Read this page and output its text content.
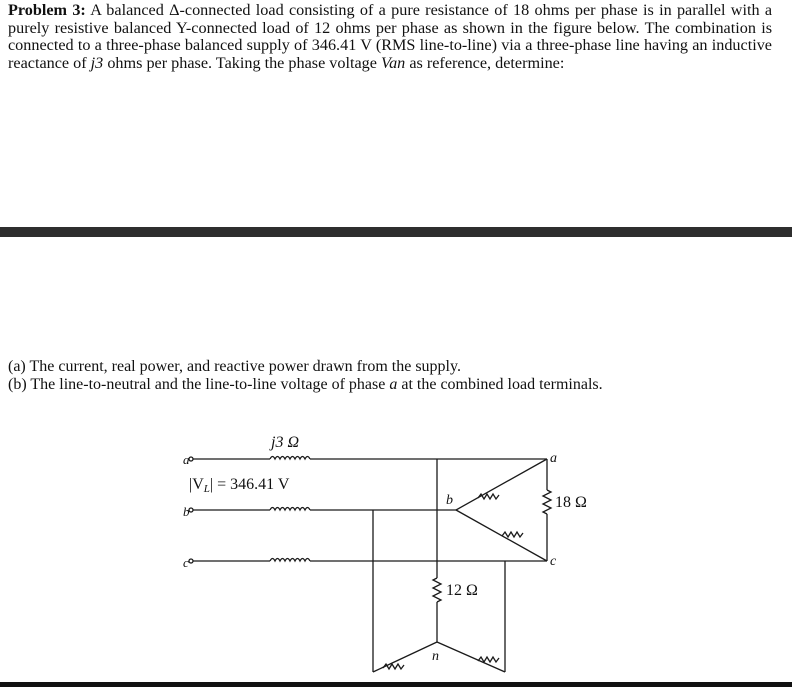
Problem 3: A balanced Δ-connected load consisting of a pure resistance of 18 ohms per phase is in parallel with a purely resistive balanced Y-connected load of 12 ohms per phase as shown in the figure below. The combination is connected to a three-phase balanced supply of 346.41 V (RMS line-to-line) via a three-phase line having an inductive reactance of j3 ohms per phase. Taking the phase voltage Van as reference, determine:

(a) The current, real power, and reactive power drawn from the supply.

(b) The line-to-neutral and the line-to-line voltage of phase a at the combined load terminals.

j3 Ω
|VL| = 346.41 V
a
b
c
a
b
c
18 Ω
12 Ω
n
